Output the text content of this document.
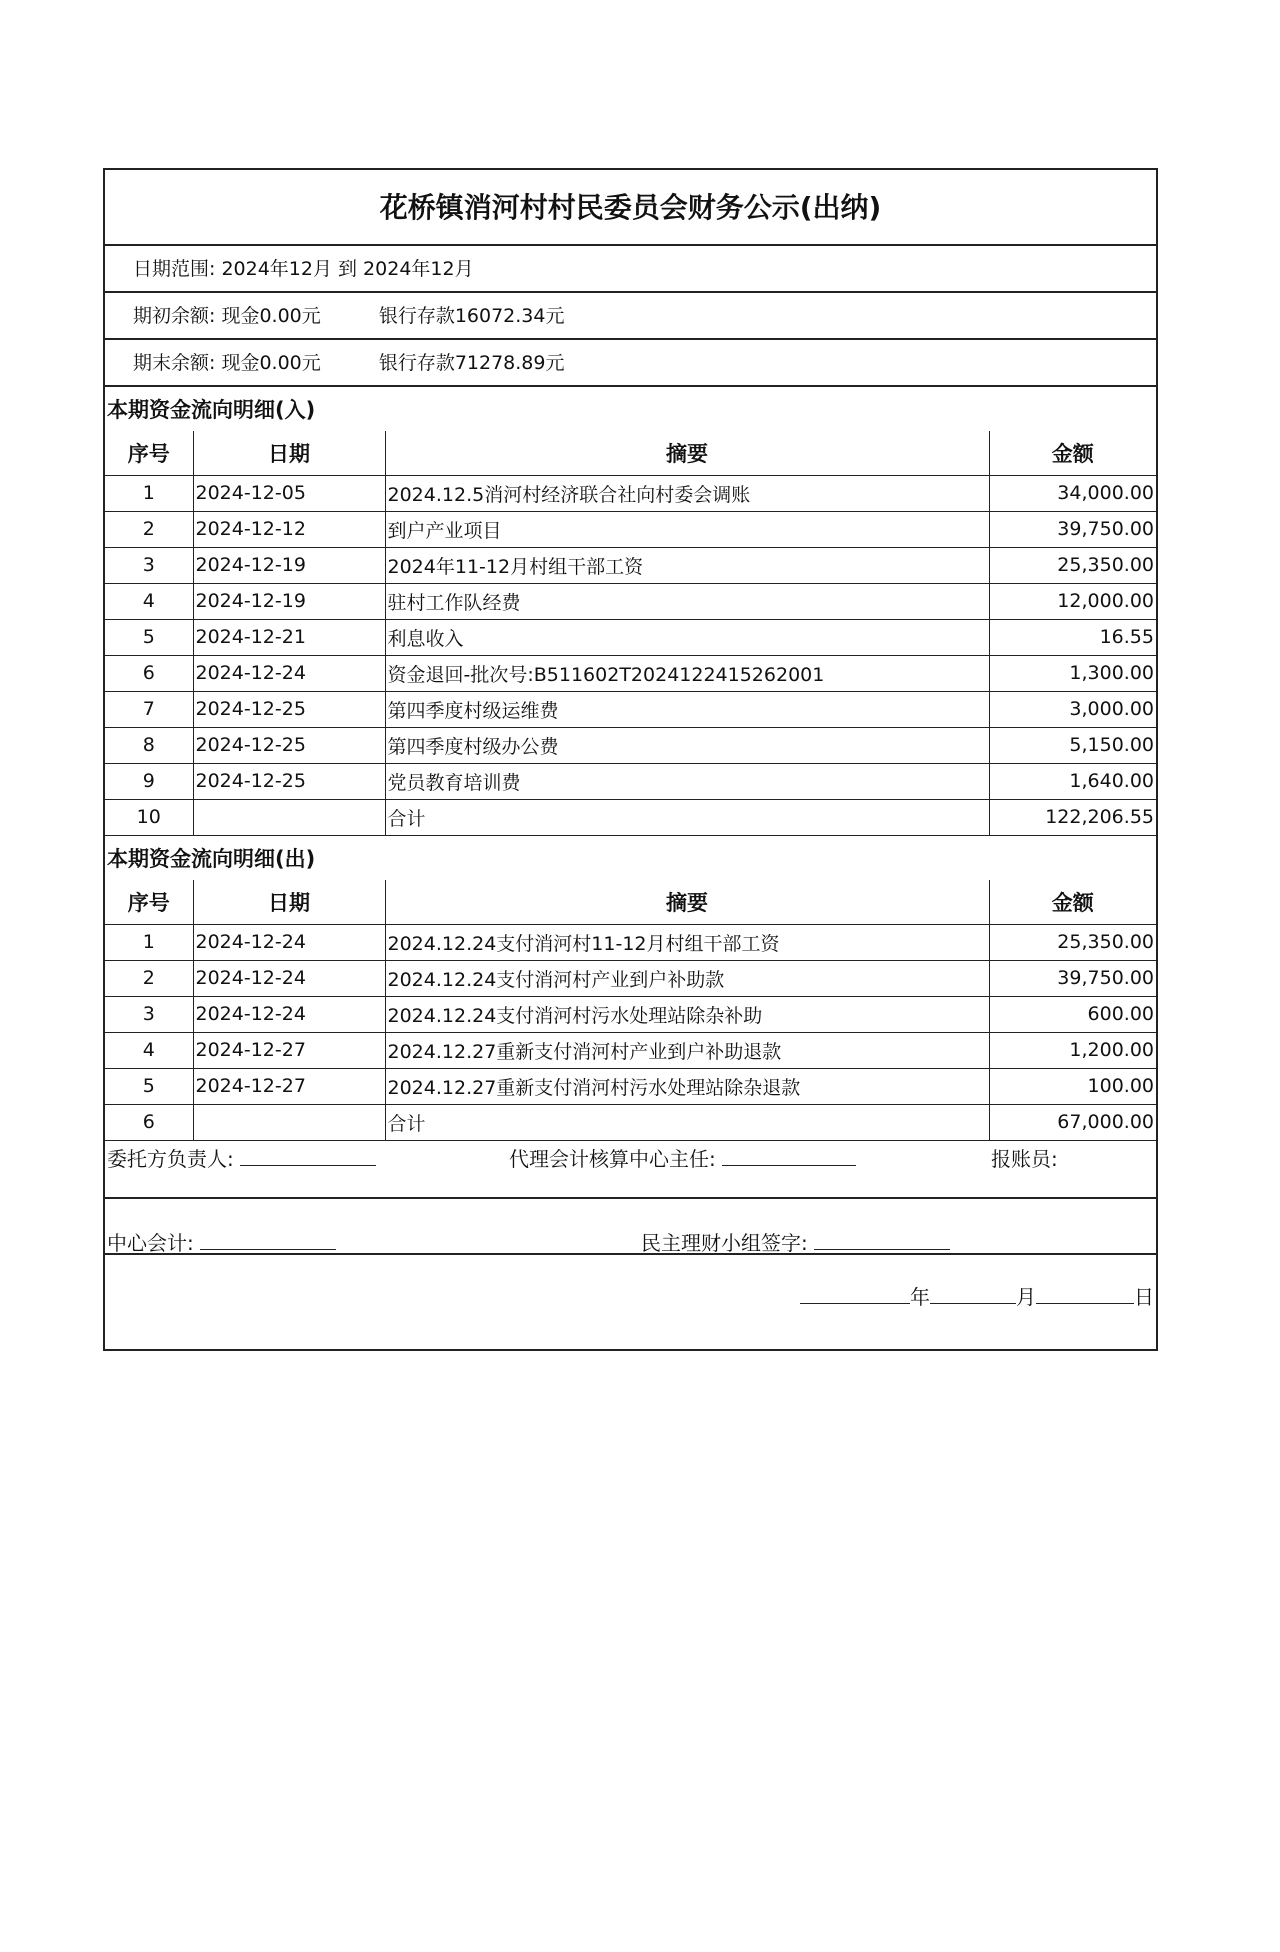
花桥镇消河村村民委员会财务公示(出纳)
日期范围: 2024年12月 到 2024年12月
期初余额: 现金0.00元	银行存款16072.34元
期末余额: 现金0.00元	银行存款71278.89元
本期资金流向明细(入)
序号	日期	摘要	金额
1	2024-12-05	2024.12.5消河村经济联合社向村委会调账	34,000.00
2	2024-12-12	到户产业项目	39,750.00
3	2024-12-19	2024年11-12月村组干部工资	25,350.00
4	2024-12-19	驻村工作队经费	12,000.00
5	2024-12-21	利息收入	16.55
6	2024-12-24	资金退回-批次号:B511602T2024122415262001	1,300.00
7	2024-12-25	第四季度村级运维费	3,000.00
8	2024-12-25	第四季度村级办公费	5,150.00
9	2024-12-25	党员教育培训费	1,640.00
10		合计	122,206.55
本期资金流向明细(出)
序号	日期	摘要	金额
1	2024-12-24	2024.12.24支付消河村11-12月村组干部工资	25,350.00
2	2024-12-24	2024.12.24支付消河村产业到户补助款	39,750.00
3	2024-12-24	2024.12.24支付消河村污水处理站除杂补助	600.00
4	2024-12-27	2024.12.27重新支付消河村产业到户补助退款	1,200.00
5	2024-12-27	2024.12.27重新支付消河村污水处理站除杂退款	100.00
6		合计	67,000.00
委托方负责人:	代理会计核算中心主任:	报账员:
中心会计:	民主理财小组签字:
年	月	日
